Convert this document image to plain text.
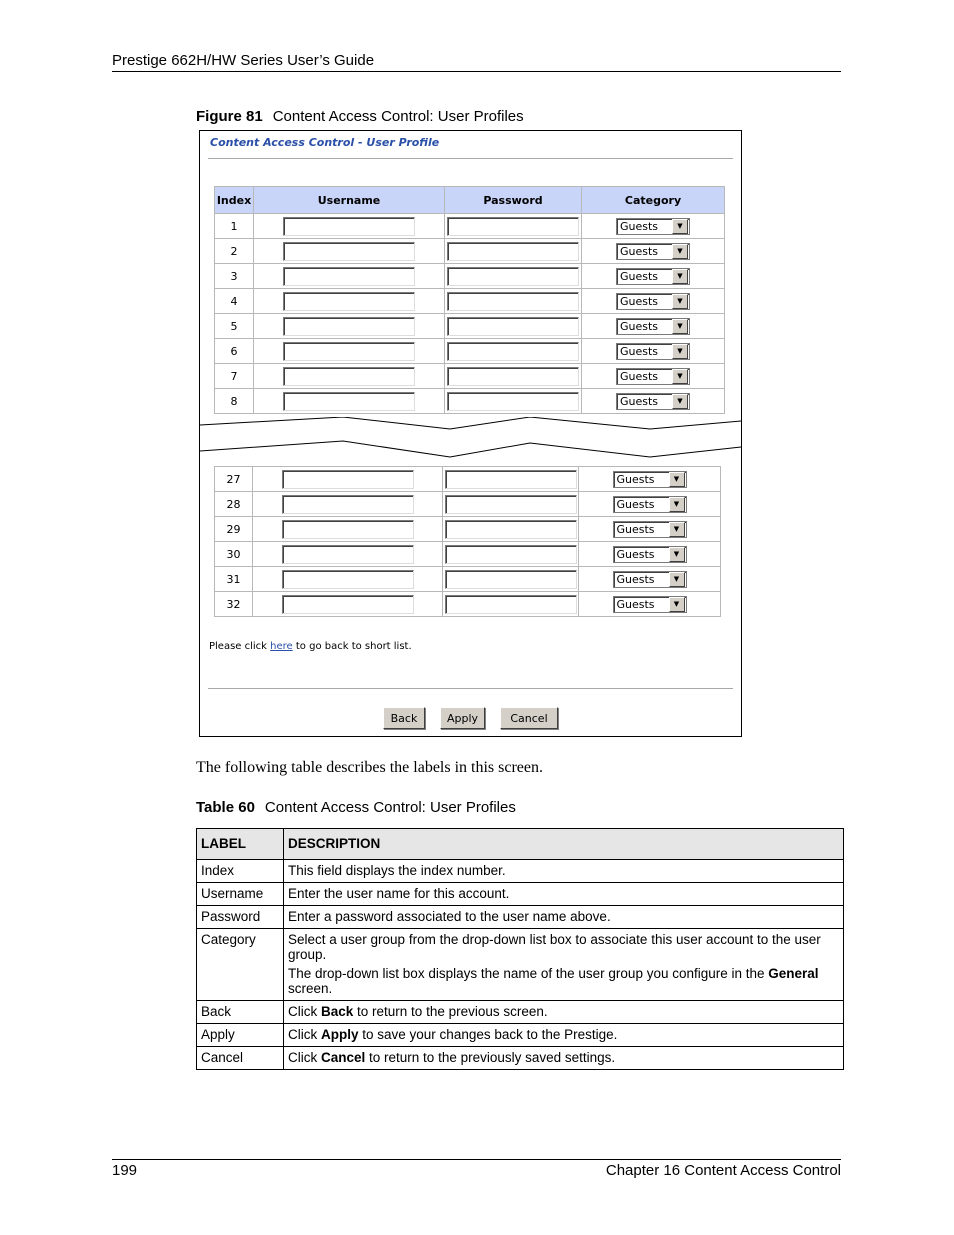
Prestige 662H/HW Series User’s Guide
Figure 81 Content Access Control: User Profiles
Content Access Control - User Profile
Index	Username	Password	Category
1			Guests ▼

2			Guests ▼

3			Guests ▼

4			Guests ▼

5			Guests ▼

6			Guests ▼

7			Guests ▼

8			Guests ▼
27			Guests ▼

28			Guests ▼

29			Guests ▼

30			Guests ▼

31			Guests ▼

32			Guests ▼
Please click here to go back to short list.
Back	Apply	Cancel
The following table describes the labels in this screen.
Table 60 Content Access Control: User Profiles
LABEL	DESCRIPTION
Index	This field displays the index number.
Username	Enter the user name for this account.
Password	Enter a password associated to the user name above.
Category	Select a user group from the drop-down list box to associate this user account to the user group.

The drop-down list box displays the name of the user group you configure in the General screen.

Back	Click Back to return to the previous screen.
Apply	Click Apply to save your changes back to the Prestige.
Cancel	Click Cancel to return to the previously saved settings.
199	Chapter 16 Content Access Control
